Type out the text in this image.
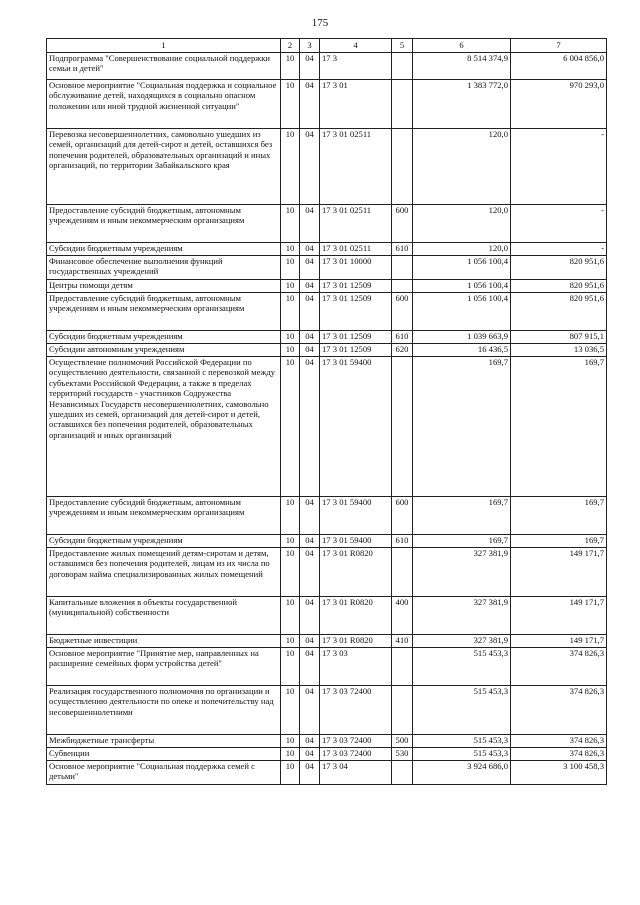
175
1	2	3	4	5	6	7
Подпрограмма "Совершенствование социальной поддержки семьи и детей"	10	04	17 3		8 514 374,9	6 004 856,0
Основное мероприятие "Социальная поддержка и социальное обслуживание детей, находящихся в социально опасном положении или иной трудной жизненной ситуации"	10	04	17 3 01		1 383 772,0	970 293,0
Перевозка несовершеннолетних, самовольно ушедших из семей, организаций для детей-сирот и детей, оставшихся без попечения родителей, образовательных организаций и иных организаций, по территории Забайкальского края	10	04	17 3 01 02511		120,0	-
Предоставление субсидий бюджетным, автономным учреждениям и иным некоммерческим организациям	10	04	17 3 01 02511	600	120,0	-
Субсидии бюджетным учреждениям	10	04	17 3 01 02511	610	120,0	-
Финансовое обеспечение выполнения функций государственных учреждений	10	04	17 3 01 10000		1 056 100,4	820 951,6
Центры помощи детям	10	04	17 3 01 12509		1 056 100,4	820 951,6
Предоставление субсидий бюджетным, автономным учреждениям и иным некоммерческим организациям	10	04	17 3 01 12509	600	1 056 100,4	820 951,6
Субсидии бюджетным учреждениям	10	04	17 3 01 12509	610	1 039 663,9	807 915,1
Субсидии автономным учреждениям	10	04	17 3 01 12509	620	16 436,5	13 036,5
Осуществление полномочий Российской Федерации по осуществлению деятельности, связанной с перевозкой между субъектами Российской Федерации, а также в пределах территорий государств - участников Содружества Независимых Государств несовершеннолетних, самовольно ушедших из семей, организаций для детей-сирот и детей, оставшихся без попечения родителей, образовательных организаций и иных организаций	10	04	17 3 01 59400		169,7	169,7
Предоставление субсидий бюджетным, автономным учреждениям и иным некоммерческим организациям	10	04	17 3 01 59400	600	169,7	169,7
Субсидии бюджетным учреждениям	10	04	17 3 01 59400	610	169,7	169,7
Предоставление жилых помещений детям-сиротам и детям, оставшимся без попечения родителей, лицам из их числа по договорам найма специализированных жилых помещений	10	04	17 3 01 R0820		327 381,9	149 171,7
Капитальные вложения в объекты государственной (муниципальной) собственности	10	04	17 3 01 R0820	400	327 381,9	149 171,7
Бюджетные инвестиции	10	04	17 3 01 R0820	410	327 381,9	149 171,7
Основное мероприятие "Принятие мер, направленных на расширение семейных форм устройства детей"	10	04	17 3 03		515 453,3	374 826,3
Реализация государственного полномочия по организации и осуществлению деятельности по опеке и попечительству над несовершеннолетними	10	04	17 3 03 72400		515 453,3	374 826,3
Межбюджетные трансферты	10	04	17 3 03 72400	500	515 453,3	374 826,3
Субвенции	10	04	17 3 03 72400	530	515 453,3	374 826,3
Основное мероприятие "Социальная поддержка семей с детьми"	10	04	17 3 04		3 924 686,0	3 100 458,3
